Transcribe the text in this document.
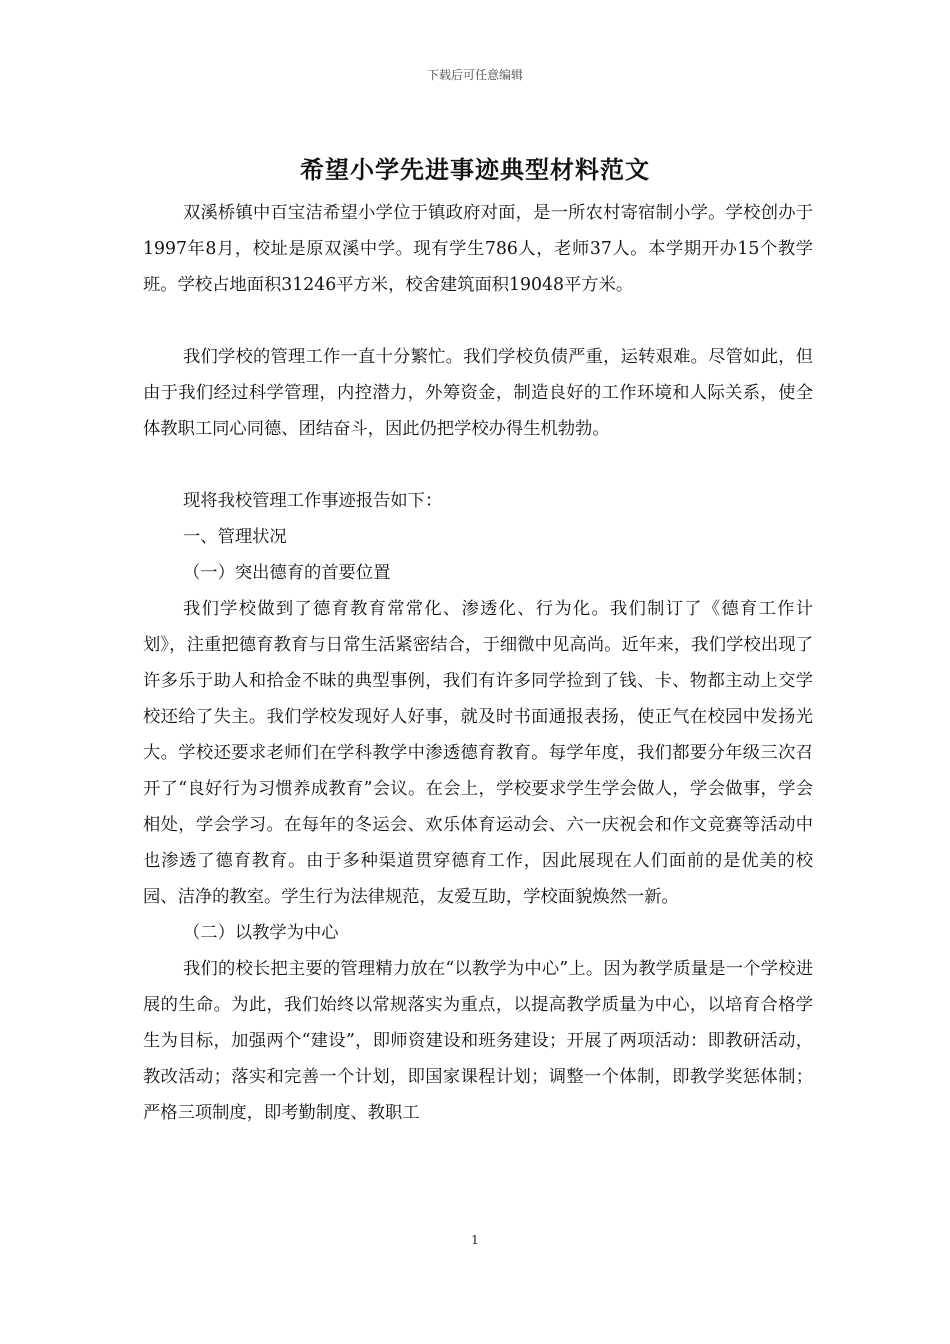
下载后可任意编辑
希望小学先进事迹典型材料范文

双溪桥镇中百宝洁希望小学位于镇政府对面，是一所农村寄宿制小学。学校创办于1997年8月，校址是原双溪中学。现有学生786人，老师37人。本学期开办15个教学班。学校占地面积31246平方米，校舍建筑面积19048平方米。

我们学校的管理工作一直十分繁忙。我们学校负债严重，运转艰难。尽管如此，但由于我们经过科学管理，内控潜力，外筹资金，制造良好的工作环境和人际关系，使全体教职工同心同德、团结奋斗，因此仍把学校办得生机勃勃。

现将我校管理工作事迹报告如下：

一、管理状况

（一）突出德育的首要位置

我们学校做到了德育教育常常化、渗透化、行为化。我们制订了《德育工作计划》，注重把德育教育与日常生活紧密结合，于细微中见高尚。近年来，我们学校出现了许多乐于助人和拾金不昧的典型事例，我们有许多同学捡到了钱、卡、物都主动上交学校还给了失主。我们学校发现好人好事，就及时书面通报表扬，使正气在校园中发扬光大。学校还要求老师们在学科教学中渗透德育教育。每学年度，我们都要分年级三次召开了“良好行为习惯养成教育”会议。在会上，学校要求学生学会做人，学会做事，学会相处，学会学习。在每年的冬运会、欢乐体育运动会、六一庆祝会和作文竞赛等活动中也渗透了德育教育。由于多种渠道贯穿德育工作，因此展现在人们面前的是优美的校园、洁净的教室。学生行为法律规范，友爱互助，学校面貌焕然一新。

（二）以教学为中心

我们的校长把主要的管理精力放在“以教学为中心”上。因为教学质量是一个学校进展的生命。为此，我们始终以常规落实为重点，以提高教学质量为中心，以培育合格学生为目标，加强两个“建设”，即师资建设和班务建设；开展了两项活动：即教研活动，教改活动；落实和完善一个计划，即国家课程计划；调整一个体制，即教学奖惩体制；严格三项制度，即考勤制度、教职工

1
